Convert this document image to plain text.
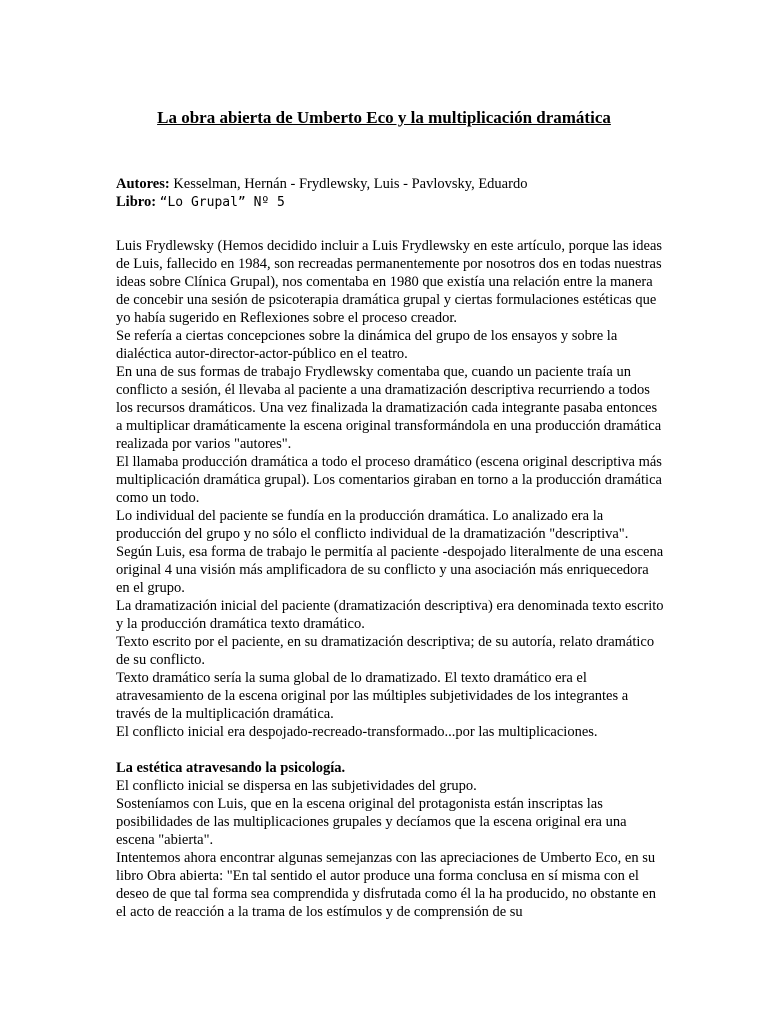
La obra abierta de Umberto Eco y la multiplicación dramática
Autores: Kesselman, Hernán - Frydlewsky, Luis - Pavlovsky, Eduardo
Libro: “Lo Grupal” Nº 5

Luis Frydlewsky (Hemos decidido incluir a Luis Frydlewsky en este artículo, porque las ideas de Luis, fallecido en 1984, son recreadas permanentemente por nosotros dos en todas nuestras ideas sobre Clínica Grupal), nos comentaba en 1980 que existía una relación entre la manera de concebir una sesión de psicoterapia dramática grupal y ciertas formulaciones estéticas que yo había sugerido en Reflexiones sobre el proceso creador.

Se refería a ciertas concepciones sobre la dinámica del grupo de los ensayos y sobre la dialéctica autor-director-actor-público en el teatro.

En una de sus formas de trabajo Frydlewsky comentaba que, cuando un paciente traía un conflicto a sesión, él llevaba al paciente a una dramatización descriptiva recurriendo a todos los recursos dramáticos. Una vez finalizada la dramatización cada integrante pasaba entonces a multiplicar dramáticamente la escena original transformándola en una producción dramática realizada por varios "autores".

El llamaba producción dramática a todo el proceso dramático (escena original descriptiva más multiplicación dramática grupal). Los comentarios giraban en torno a la producción dramática como un todo.

Lo individual del paciente se fundía en la producción dramática. Lo analizado era la producción del grupo y no sólo el conflicto individual de la dramatización "descriptiva".

Según Luis, esa forma de trabajo le permitía al paciente -despojado literalmente de una escena original 4 una visión más amplificadora de su conflicto y una asociación más enriquecedora en el grupo.

La dramatización inicial del paciente (dramatización descriptiva) era denominada texto escrito y la producción dramática texto dramático.

Texto escrito por el paciente, en su dramatización descriptiva; de su autoría, relato dramático de su conflicto.

Texto dramático sería la suma global de lo dramatizado. El texto dramático era el atravesamiento de la escena original por las múltiples subjetividades de los integrantes a través de la multiplicación dramática.

El conflicto inicial era despojado-recreado-transformado...por las multiplicaciones.

La estética atravesando la psicología.

El conflicto inicial se dispersa en las subjetividades del grupo.

Sosteníamos con Luis, que en la escena original del protagonista están inscriptas las posibilidades de las multiplicaciones grupales y decíamos que la escena original era una escena "abierta".

Intentemos ahora encontrar algunas semejanzas con las apreciaciones de Umberto Eco, en su libro Obra abierta: "En tal sentido el autor produce una forma conclusa en sí misma con el deseo de que tal forma sea comprendida y disfrutada como él la ha producido, no obstante en el acto de reacción a la trama de los estímulos y de comprensión de su
